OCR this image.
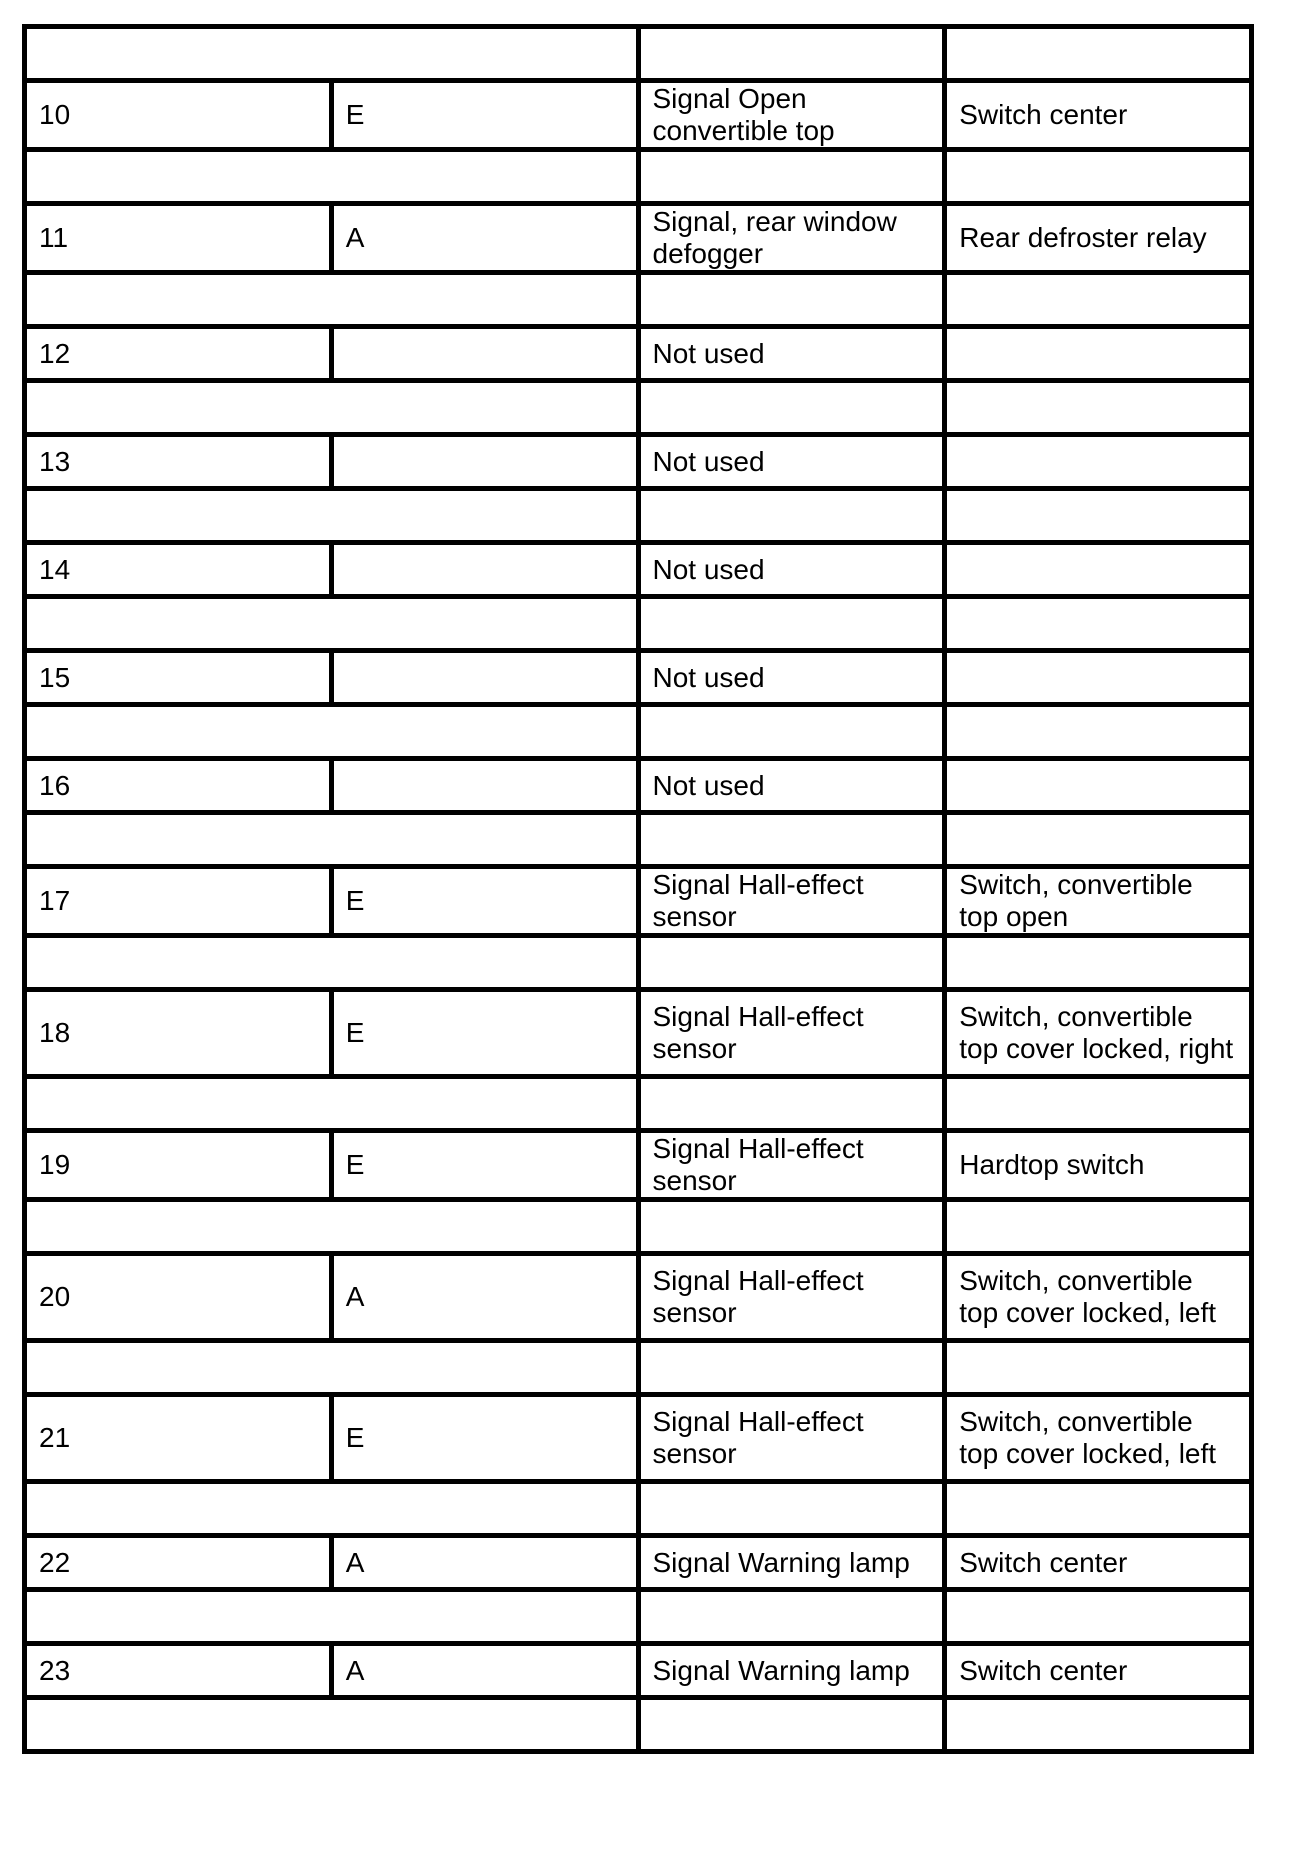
10	E	Signal Open convertible top	Switch center

11	A	Signal, rear window defogger	Rear defroster relay

12		Not used	

13		Not used	

14		Not used	

15		Not used	

16		Not used	

17	E	Signal Hall-effect sensor	Switch, convertible top open

18	E	Signal Hall-effect sensor	Switch, convertible top cover locked, right

19	E	Signal Hall-effect sensor	Hardtop switch

20	A	Signal Hall-effect sensor	Switch, convertible top cover locked, left

21	E	Signal Hall-effect sensor	Switch, convertible top cover locked, left

22	A	Signal Warning lamp	Switch center

23	A	Signal Warning lamp	Switch center
